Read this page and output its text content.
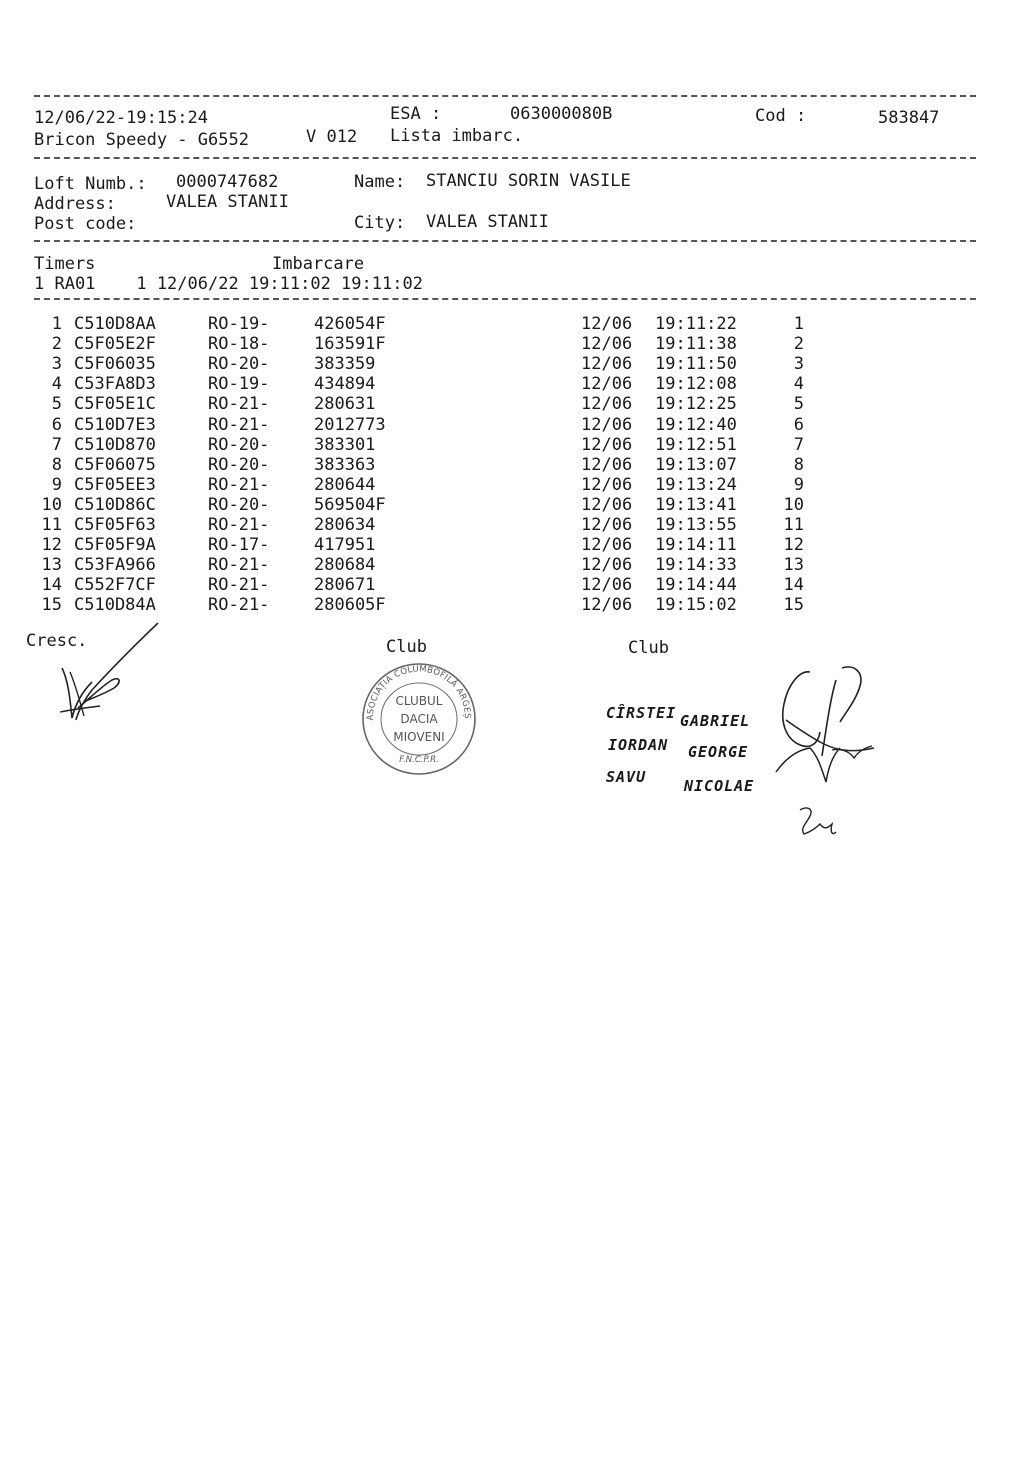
12/06/22-19:15:24	ESA :	063000080B	Cod :	583847
Bricon Speedy - G6552	V 012 Lista imbarc.
Loft Numb.: 0000747682	Name: STANCIU SORIN VASILE
Address:	VALEA STANII
Post code:	City: VALEA STANII
Timers	Imbarcare
1 RA01    1 12/06/22 19:11:02 19:11:02
1 C510D8AA	RO-19-	426054F	12/06 19:11:22	1
2 C5F05E2F	RO-18-	163591F	12/06 19:11:38	2
3 C5F06035	RO-20-	383359	12/06 19:11:50	3
4 C53FA8D3	RO-19-	434894	12/06 19:12:08	4
5 C5F05E1C	RO-21-	280631	12/06 19:12:25	5
6 C510D7E3	RO-21-	2012773	12/06 19:12:40	6
7 C510D870	RO-20-	383301	12/06 19:12:51	7
8 C5F06075	RO-20-	383363	12/06 19:13:07	8
9 C5F05EE3	RO-21-	280644	12/06 19:13:24	9
10 C510D86C	RO-20-	569504F	12/06 19:13:41	10
11 C5F05F63	RO-21-	280634	12/06 19:13:55	11
12 C5F05F9A	RO-17-	417951	12/06 19:14:11	12
13 C53FA966	RO-21-	280684	12/06 19:14:33	13
14 C552F7CF	RO-21-	280671	12/06 19:14:44	14
15 C510D84A	RO-21-	280605F	12/06 19:15:02	15
Cresc.	Club	Club
ASOCIAȚIA COLUMBOFILĂ ARGEȘ
CLUBUL
DACIA
MIOVENI
F.N.C.P.R.
CÎRSTEI GABRIEL
IORDAN GEORGE
SAVU	NICOLAE
